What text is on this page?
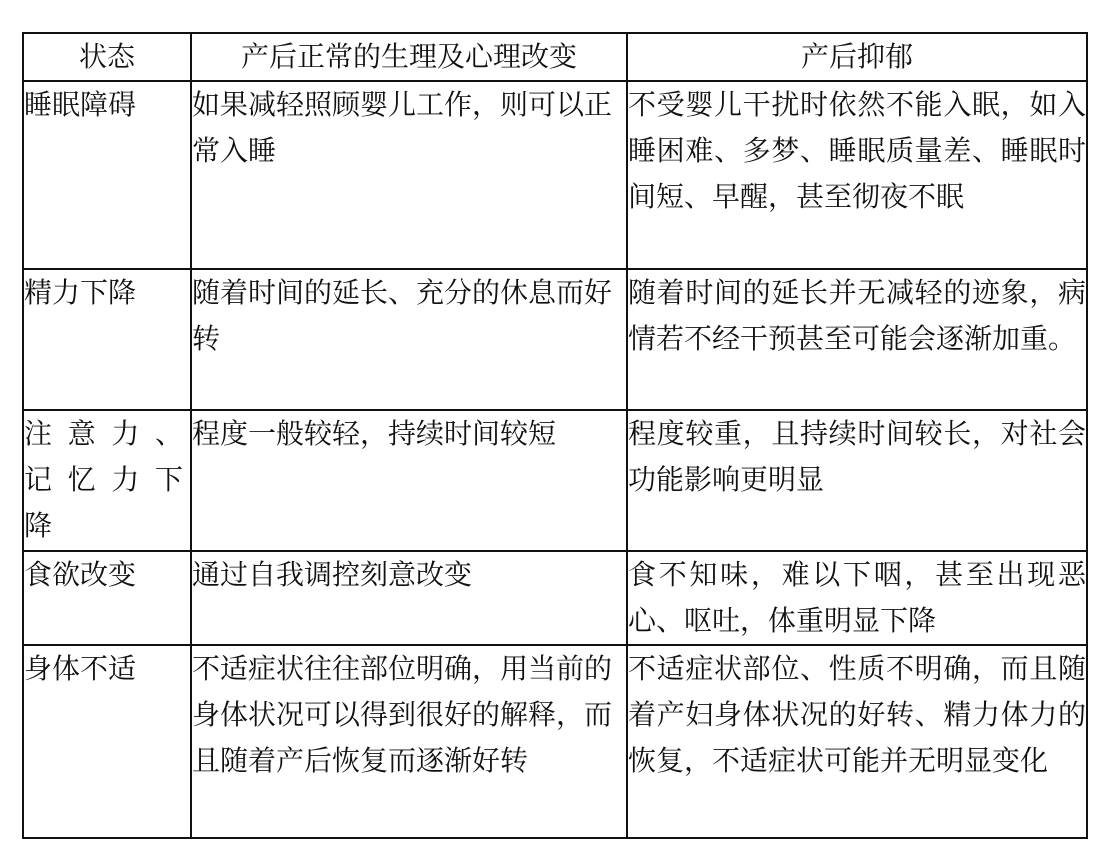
状态	产后正常的生理及心理改变	产后抑郁
睡眠障碍	如果减轻照顾婴儿工作，则可以正常入睡	不受婴儿干扰时依然不能入眠，如入睡困难、多梦、睡眠质量差、睡眠时间短、早醒，甚至彻夜不眠
精力下降	随着时间的延长、充分的休息而好转	随着时间的延长并无减轻的迹象，病情若不经干预甚至可能会逐渐加重。
注意力、记忆力下降	程度一般较轻，持续时间较短	程度较重，且持续时间较长，对社会功能影响更明显
食欲改变	通过自我调控刻意改变	食不知味，难以下咽，甚至出现恶心、呕吐，体重明显下降
身体不适	不适症状往往部位明确，用当前的身体状况可以得到很好的解释，而且随着产后恢复而逐渐好转	不适症状部位、性质不明确，而且随着产妇身体状况的好转、精力体力的恢复，不适症状可能并无明显变化
